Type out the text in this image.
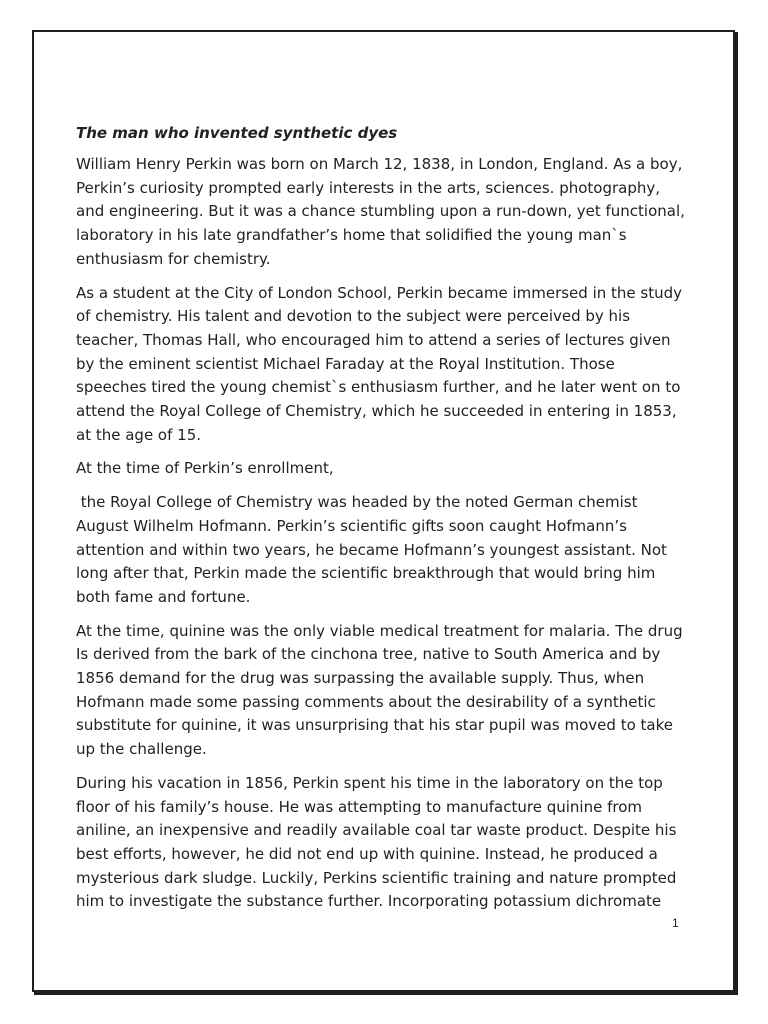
The man who invented synthetic dyes
William Henry Perkin was born on March 12, 1838, in London, England. As a boy, Perkin’s curiosity prompted early interests in the arts, sciences. photography, and engineering. But it was a chance stumbling upon a run-down, yet functional, laboratory in his late grandfather’s home that solidified the young man`s enthusiasm for chemistry.
As a student at the City of London School, Perkin became immersed in the study of chemistry. His talent and devotion to the subject were perceived by his teacher, Thomas Hall, who encouraged him to attend a series of lectures given by the eminent scientist Michael Faraday at the Royal Institution. Those speeches tired the young chemist`s enthusiasm further, and he later went on to attend the Royal College of Chemistry, which he succeeded in entering in 1853, at the age of 15.
At the time of Perkin’s enrollment,
the Royal College of Chemistry was headed by the noted German chemist August Wilhelm Hofmann. Perkin’s scientific gifts soon caught Hofmann’s attention and within two years, he became Hofmann’s youngest assistant. Not long after that, Perkin made the scientific breakthrough that would bring him both fame and fortune.
At the time, quinine was the only viable medical treatment for malaria. The drug Is derived from the bark of the cinchona tree, native to South America and by 1856 demand for the drug was surpassing the available supply. Thus, when Hofmann made some passing comments about the desirability of a synthetic substitute for quinine, it was unsurprising that his star pupil was moved to take up the challenge.
During his vacation in 1856, Perkin spent his time in the laboratory on the top floor of his family’s house. He was attempting to manufacture quinine from aniline, an inexpensive and readily available coal tar waste product. Despite his best efforts, however, he did not end up with quinine. Instead, he produced a mysterious dark sludge. Luckily, Perkins scientific training and nature prompted him to investigate the substance further. Incorporating potassium dichromate
1
